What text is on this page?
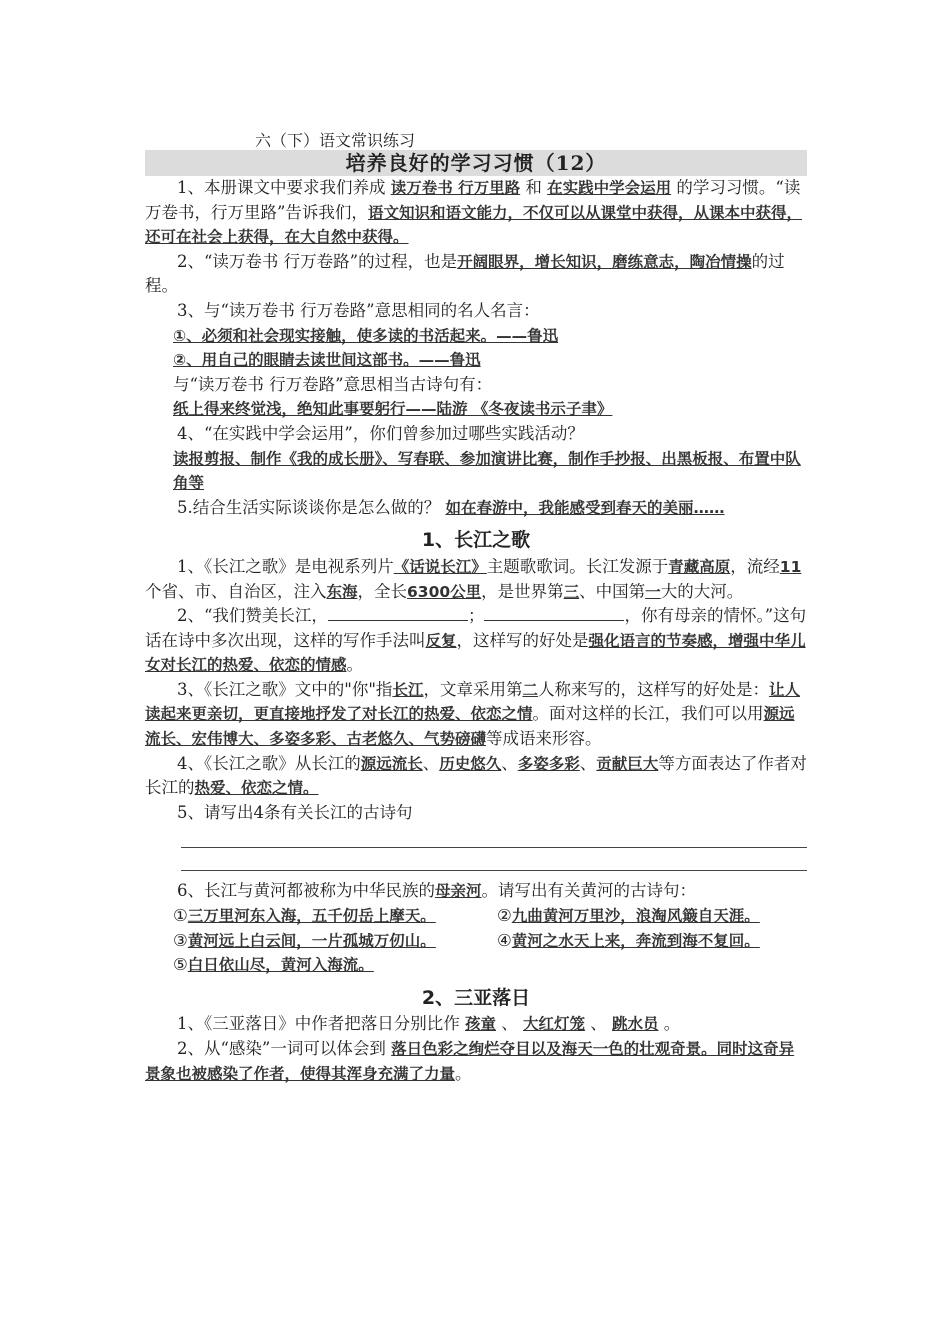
六（下）语文常识练习
培养良好的学习习惯（12）

1、本册课文中要求我们养成 读万卷书 行万里路 和 在实践中学会运用 的学习习惯。“读万卷书，行万里路”告诉我们，语文知识和语文能力，不仅可以从课堂中获得，从课本中获得，还可在社会上获得，在大自然中获得。

2、“读万卷书 行万卷路”的过程，也是开阔眼界，增长知识，磨练意志，陶冶情操的过程。

3、与“读万卷书 行万卷路”意思相同的名人名言：

①、必须和社会现实接触，使多读的书活起来。——鲁迅

②、用自己的眼睛去读世间这部书。——鲁迅

与“读万卷书 行万卷路”意思相当古诗句有：

纸上得来终觉浅，绝知此事要躬行——陆游 《冬夜读书示子聿》

4、“在实践中学会运用”，你们曾参加过哪些实践活动？

读报剪报、制作《我的成长册》、写春联、参加演讲比赛，制作手抄报、出黑板报、布置中队角等

5.结合生活实际谈谈你是怎么做的？ 如在春游中，我能感受到春天的美丽……

1、长江之歌

1、《长江之歌》是电视系列片《话说长江》主题歌歌词。长江发源于青藏高原，流经11个省、市、自治区，注入东海，全长6300公里，是世界第三、中国第一大的大河。

2、“我们赞美长江，	；	，你有母亲的情怀。”这句话在诗中多次出现，这样的写作手法叫反复，这样写的好处是强化语言的节奏感，增强中华儿女对长江的热爱、依恋的情感。

3、《长江之歌》文中的"你"指长江，文章采用第二人称来写的，这样写的好处是：让人读起来更亲切，更直接地抒发了对长江的热爱、依恋之情。面对这样的长江，我们可以用源远流长、宏伟博大、多姿多彩、古老悠久、气势磅礴等成语来形容。

4、《长江之歌》从长江的源远流长、历史悠久、多姿多彩、贡献巨大等方面表达了作者对长江的热爱、依恋之情。

5、请写出4条有关长江的古诗句

6、长江与黄河都被称为中华民族的母亲河。请写出有关黄河的古诗句：

①三万里河东入海，五千仞岳上摩天。	②九曲黄河万里沙，浪淘风簸自天涯。
③黄河远上白云间，一片孤城万仞山。	④黄河之水天上来，奔流到海不复回。

⑤白日依山尽，黄河入海流。

2、三亚落日

1、《三亚落日》中作者把落日分别比作 孩童 、 大红灯笼 、 跳水员 。

2、从“感染”一词可以体会到 落日色彩之绚烂夺目以及海天一色的壮观奇景。同时这奇异景象也被感染了作者，使得其浑身充满了力量。
